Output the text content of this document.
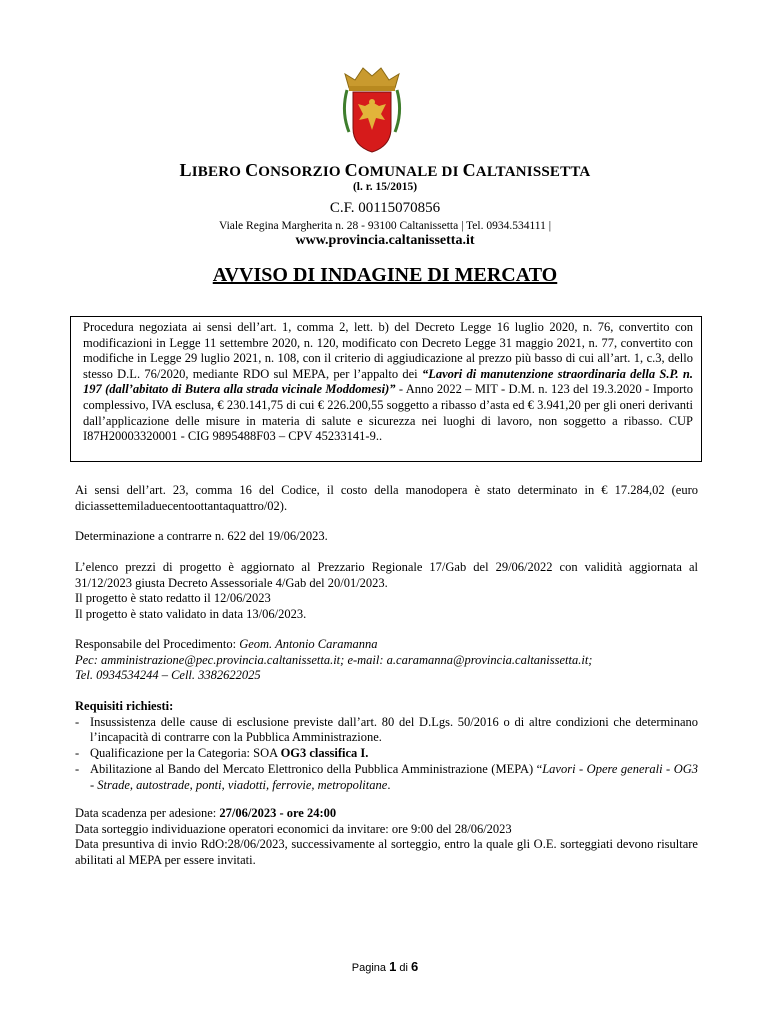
LIBERO CONSORZIO COMUNALE DI CALTANISSETTA
(l. r. 15/2015)
C.F. 00115070856
Viale Regina Margherita n. 28 - 93100 Caltanissetta | Tel. 0934.534111 |
www.provincia.caltanissetta.it
AVVISO DI INDAGINE DI MERCATO

Procedura negoziata ai sensi dell’art. 1, comma 2, lett. b) del Decreto Legge 16 luglio 2020, n. 76, convertito con modificazioni in Legge 11 settembre 2020, n. 120, modificato con Decreto Legge 31 maggio 2021, n. 77, convertito con modifiche in Legge 29 luglio 2021, n. 108, con il criterio di aggiudicazione al prezzo più basso di cui all’art. 1, c.3, dello stesso D.L. 76/2020, mediante RDO sul MEPA, per l’appalto dei “Lavori di manutenzione straordinaria della S.P. n. 197 (dall’abitato di Butera alla strada vicinale Moddomesi)” - Anno 2022 – MIT - D.M. n. 123 del 19.3.2020 - Importo complessivo, IVA esclusa, € 230.141,75 di cui € 226.200,55 soggetto a ribasso d’asta ed € 3.941,20 per gli oneri derivanti dall’applicazione delle misure in materia di salute e sicurezza nei luoghi di lavoro, non soggetto a ribasso. CUP I87H20003320001 - CIG 9895488F03 – CPV 45233141-9..

Ai sensi dell’art. 23, comma 16 del Codice, il costo della manodopera è stato determinato in € 17.284,02 (euro diciassettemiladuecentoottantaquattro/02).

Determinazione a contrarre n. 622 del 19/06/2023.

L’elenco prezzi di progetto è aggiornato al Prezzario Regionale 17/Gab del 29/06/2022 con validità aggiornata al 31/12/2023 giusta Decreto Assessoriale 4/Gab del 20/01/2023.

Il progetto è stato redatto il 12/06/2023

Il progetto è stato validato in data 13/06/2023.

Responsabile del Procedimento: Geom. Antonio Caramanna

Pec: amministrazione@pec.provincia.caltanissetta.it; e-mail: a.caramanna@provincia.caltanissetta.it;

Tel. 0934534244 – Cell. 3382622025

Requisiti richiesti:

- Insussistenza delle cause di esclusione previste dall’art. 80 del D.Lgs. 50/2016 o di altre condizioni che determinano l’incapacità di contrarre con la Pubblica Amministrazione.
- Qualificazione per la Categoria: SOA OG3 classifica I.
- Abilitazione al Bando del Mercato Elettronico della Pubblica Amministrazione (MEPA) “Lavori - Opere generali - OG3 - Strade, autostrade, ponti, viadotti, ferrovie, metropolitane.

Data scadenza per adesione: 27/06/2023 - ore 24:00

Data sorteggio individuazione operatori economici da invitare: ore 9:00 del 28/06/2023

Data presuntiva di invio RdO:28/06/2023, successivamente al sorteggio, entro la quale gli O.E. sorteggiati devono risultare abilitati al MEPA per essere invitati.

Pagina 1 di 6
